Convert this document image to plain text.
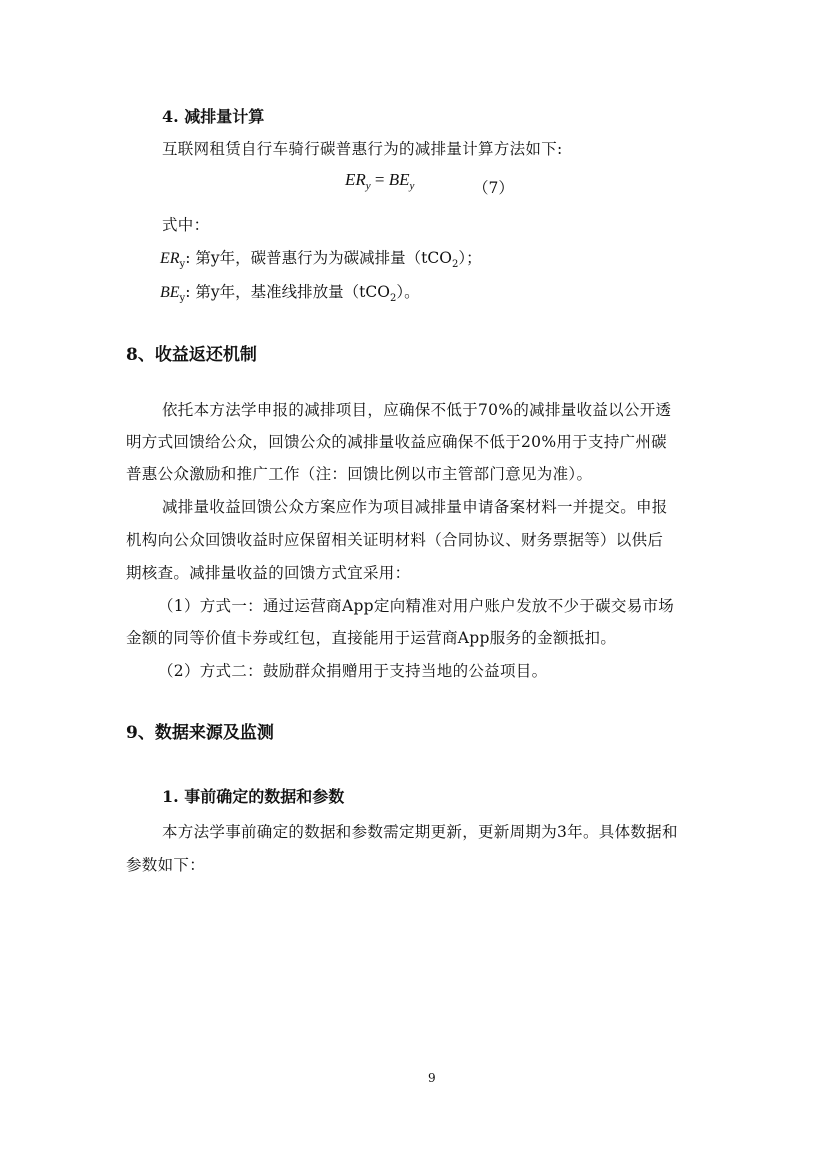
4. 减排量计算
互联网租赁自行车骑行碳普惠行为的减排量计算方法如下:
$ER_y = BE_y$	（7）
式中：
$ER_y$: 第y年，碳普惠行为为碳减排量（tCO$_2$）；
$BE_y$: 第y年，基准线排放量（tCO$_2$）。
8、收益返还机制
依托本方法学申报的减排项目，应确保不低于70%的减排量收益以公开透
明方式回馈给公众，回馈公众的减排量收益应确保不低于20%用于支持广州碳
普惠公众激励和推广工作（注：回馈比例以市主管部门意见为准）。
减排量收益回馈公众方案应作为项目减排量申请备案材料一并提交。申报
机构向公众回馈收益时应保留相关证明材料（合同协议、财务票据等）以供后
期核查。减排量收益的回馈方式宜采用：
（1）方式一：通过运营商App定向精准对用户账户发放不少于碳交易市场
金额的同等价值卡券或红包，直接能用于运营商App服务的金额抵扣。
（2）方式二：鼓励群众捐赠用于支持当地的公益项目。
9、数据来源及监测
1. 事前确定的数据和参数
本方法学事前确定的数据和参数需定期更新，更新周期为3年。具体数据和
参数如下：
9
